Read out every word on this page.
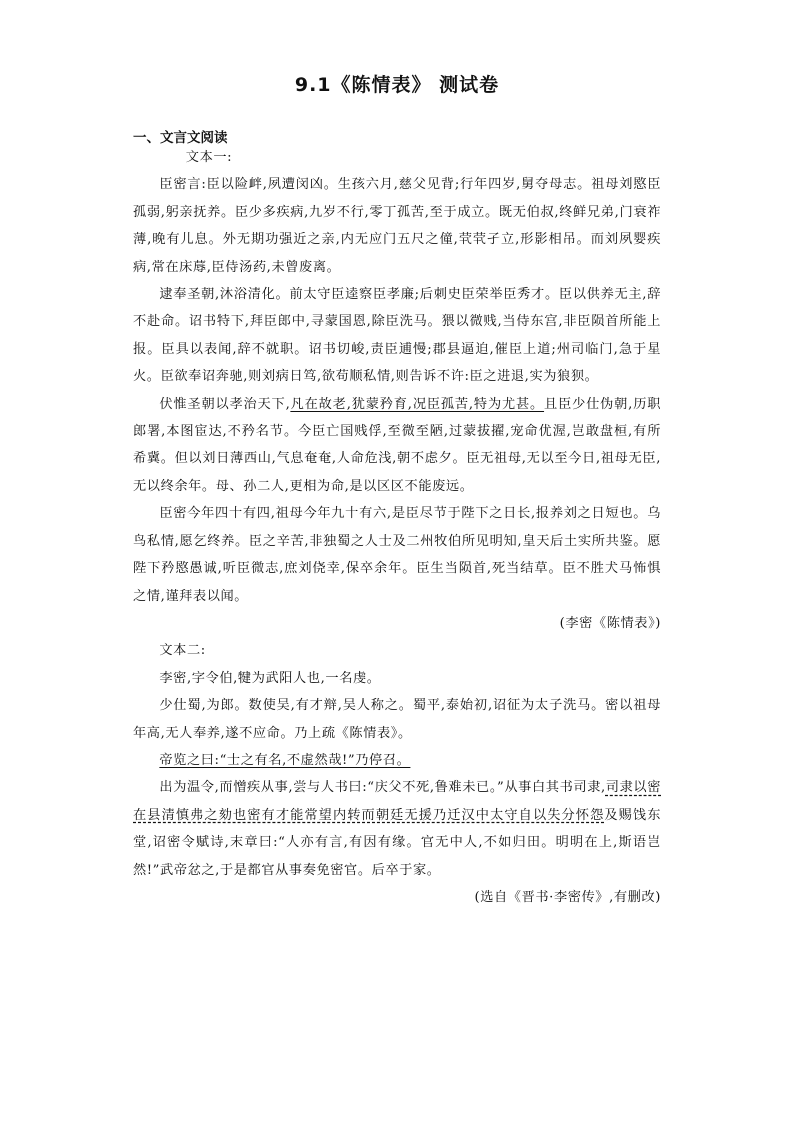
9.1《陈情表》 测试卷
一、文言文阅读

文本一:

臣密言:臣以险衅,夙遭闵凶。生孩六月,慈父见背;行年四岁,舅夺母志。祖母刘愍臣孤弱,躬亲抚养。臣少多疾病,九岁不行,零丁孤苦,至于成立。既无伯叔,终鲜兄弟,门衰祚薄,晚有儿息。外无期功强近之亲,内无应门五尺之僮,茕茕孑立,形影相吊。而刘夙婴疾病,常在床蓐,臣侍汤药,未曾废离。

逮奉圣朝,沐浴清化。前太守臣逵察臣孝廉;后刺史臣荣举臣秀才。臣以供养无主,辞不赴命。诏书特下,拜臣郎中,寻蒙国恩,除臣洗马。猥以微贱,当侍东宫,非臣陨首所能上报。臣具以表闻,辞不就职。诏书切峻,责臣逋慢;郡县逼迫,催臣上道;州司临门,急于星火。臣欲奉诏奔驰,则刘病日笃,欲苟顺私情,则告诉不许:臣之进退,实为狼狈。

伏惟圣朝以孝治天下,凡在故老,犹蒙矜育,况臣孤苦,特为尤甚。且臣少仕伪朝,历职郎署,本图宦达,不矜名节。今臣亡国贱俘,至微至陋,过蒙拔擢,宠命优渥,岂敢盘桓,有所希冀。但以刘日薄西山,气息奄奄,人命危浅,朝不虑夕。臣无祖母,无以至今日,祖母无臣,无以终余年。母、孙二人,更相为命,是以区区不能废远。

臣密今年四十有四,祖母今年九十有六,是臣尽节于陛下之日长,报养刘之日短也。乌鸟私情,愿乞终养。臣之辛苦,非独蜀之人士及二州牧伯所见明知,皇天后土实所共鉴。愿陛下矜愍愚诚,听臣微志,庶刘侥幸,保卒余年。臣生当陨首,死当结草。臣不胜犬马怖惧之情,谨拜表以闻。

(李密《陈情表》)

文本二:

李密,字令伯,犍为武阳人也,一名虔。

少仕蜀,为郎。数使吴,有才辩,吴人称之。蜀平,泰始初,诏征为太子洗马。密以祖母年高,无人奉养,遂不应命。乃上疏《陈情表》。

帝览之曰:“士之有名,不虚然哉!”乃停召。

出为温令,而憎疾从事,尝与人书曰:“庆父不死,鲁难未已。”从事白其书司隶,司隶以密在县清慎弗之劾也密有才能常望内转而朝廷无援乃迁汉中太守自以失分怀怨及赐饯东堂,诏密令赋诗,末章曰:“人亦有言,有因有缘。官无中人,不如归田。明明在上,斯语岂然!”武帝忿之,于是都官从事奏免密官。后卒于家。

(选自《晋书·李密传》,有删改)
